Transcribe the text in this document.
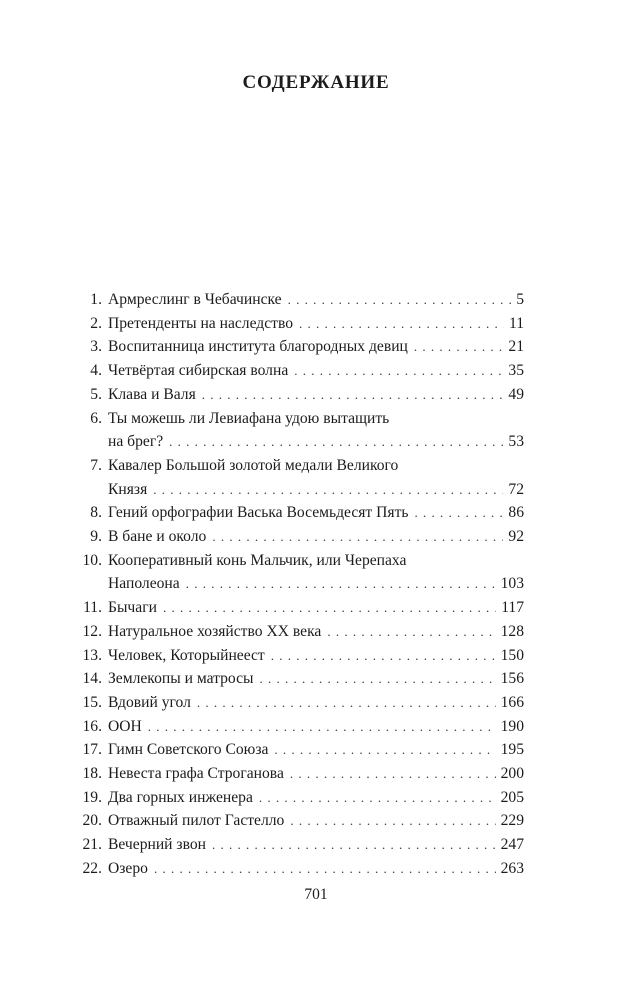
СОДЕРЖАНИЕ
1. Армреслинг в Чебачинске . . .	5
2. Претенденты на наследство . . .	11
3. Воспитанница института благородных девиц . . .	21
4. Четвёртая сибирская волна . . .	35
5. Клава и Валя . . .	49
6. Ты можешь ли Левиафана удою вытащить
на брег? . . .	53
7. Кавалер Большой золотой медали Великого
Князя . . .	72
8. Гений орфографии Васька Восемьдесят Пять . . .	86
9. В бане и около . . .	92
10. Кооперативный конь Мальчик, или Черепаха
Наполеона . . .	103
11. Бычаги . . .	117
12. Натуральное хозяйство XX века . . .	128
13. Человек, Которыйнеест . . .	150
14. Землекопы и матросы . . .	156
15. Вдовий угол . . .	166
16. ООН . . .	190
17. Гимн Советского Союза . . .	195
18. Невеста графа Строганова . . .	200
19. Два горных инженера . . .	205
20. Отважный пилот Гастелло . . .	229
21. Вечерний звон . . .	247
22. Озеро . . .	263
701
